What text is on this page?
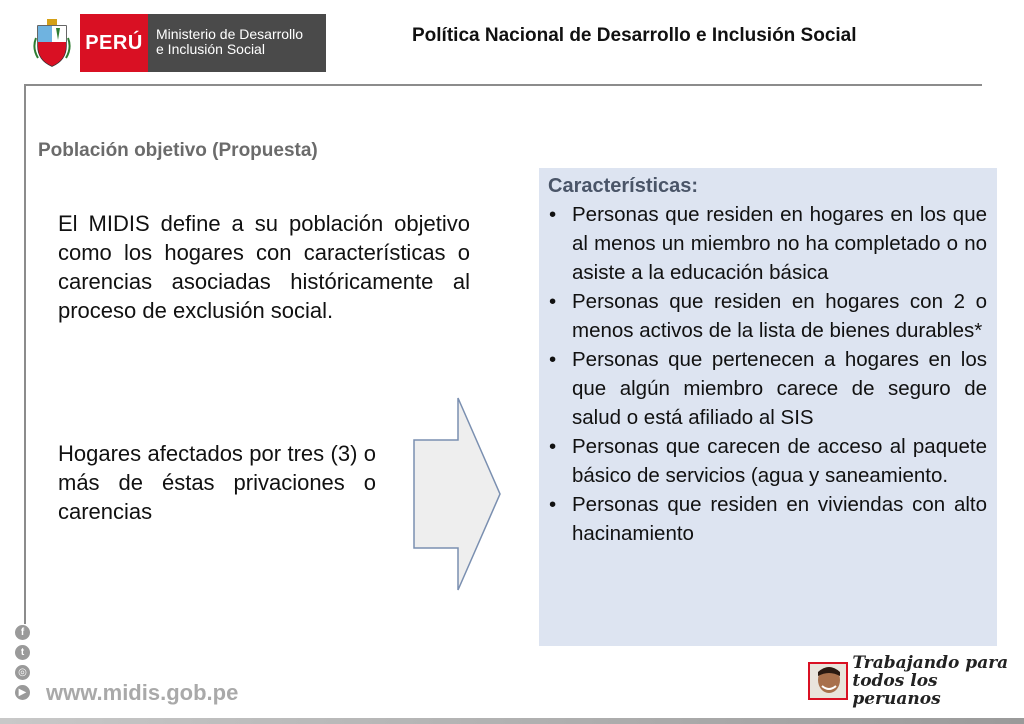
PERÚ Ministerio de Desarrollo
e Inclusión Social
Política Nacional de Desarrollo e Inclusión Social
Población objetivo (Propuesta)

El MIDIS define a su población objetivo como los hogares con características o carencias asociadas históricamente al proceso de exclusión social.

Hogares afectados por tres (3) o más de éstas privaciones o carencias

Características:
• Personas que residen en hogares en los que al menos un miembro no ha completado o no asiste a la educación básica
• Personas que residen en hogares con 2 o menos activos de la lista de bienes durables*
• Personas que pertenecen a hogares en los que algún miembro carece de seguro de salud o está afiliado al SIS
• Personas que carecen de acceso al paquete básico de servicios (agua y saneamiento.
• Personas que residen en viviendas con alto hacinamiento
f
t
◎
▶ www.midis.gob.pe
Trabajando para
todos los peruanos
